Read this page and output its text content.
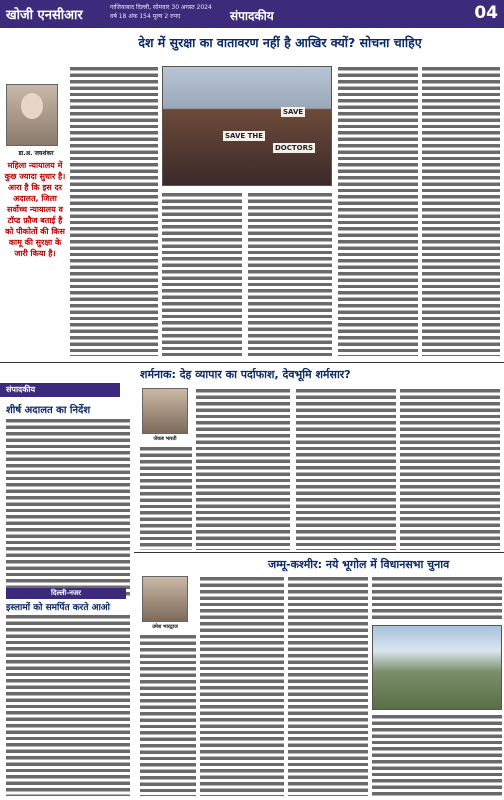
खोजी एनसीआर
गाजियाबाद दिल्ली, सोमवार 30 अगस्त 2024
वर्ष 18 अंक 154 मूल्य 2 रुपए	संपादकीय	04
देश में सुरक्षा का वातावरण नहीं है आखिर क्यों? सोचना चाहिए
डा.अ. जयशंकर
महिला न्यायालय में कुछ ज्यादा सुधार है। आरा है कि इस दर अदालत, जिला सर्वोच्च न्यायालय व टॉप्ड फ़ौज बताई है को पीकोतों की किस कामू की सुरक्षा के जारी किया है।
SAVE THE
SAVE
DOCTORS
शर्मनाक: देह व्यापार का पर्दाफाश, देवभूमि शर्मसार?
संपादकीय
शीर्ष अदालत का निर्देश
जेकब भारती
दिल्ली-नजर
इस्लामों को समर्पित करते आओ
जम्मू-कश्मीर: नये भूगोल में विधानसभा चुनाव
उमेश भारद्वाज
